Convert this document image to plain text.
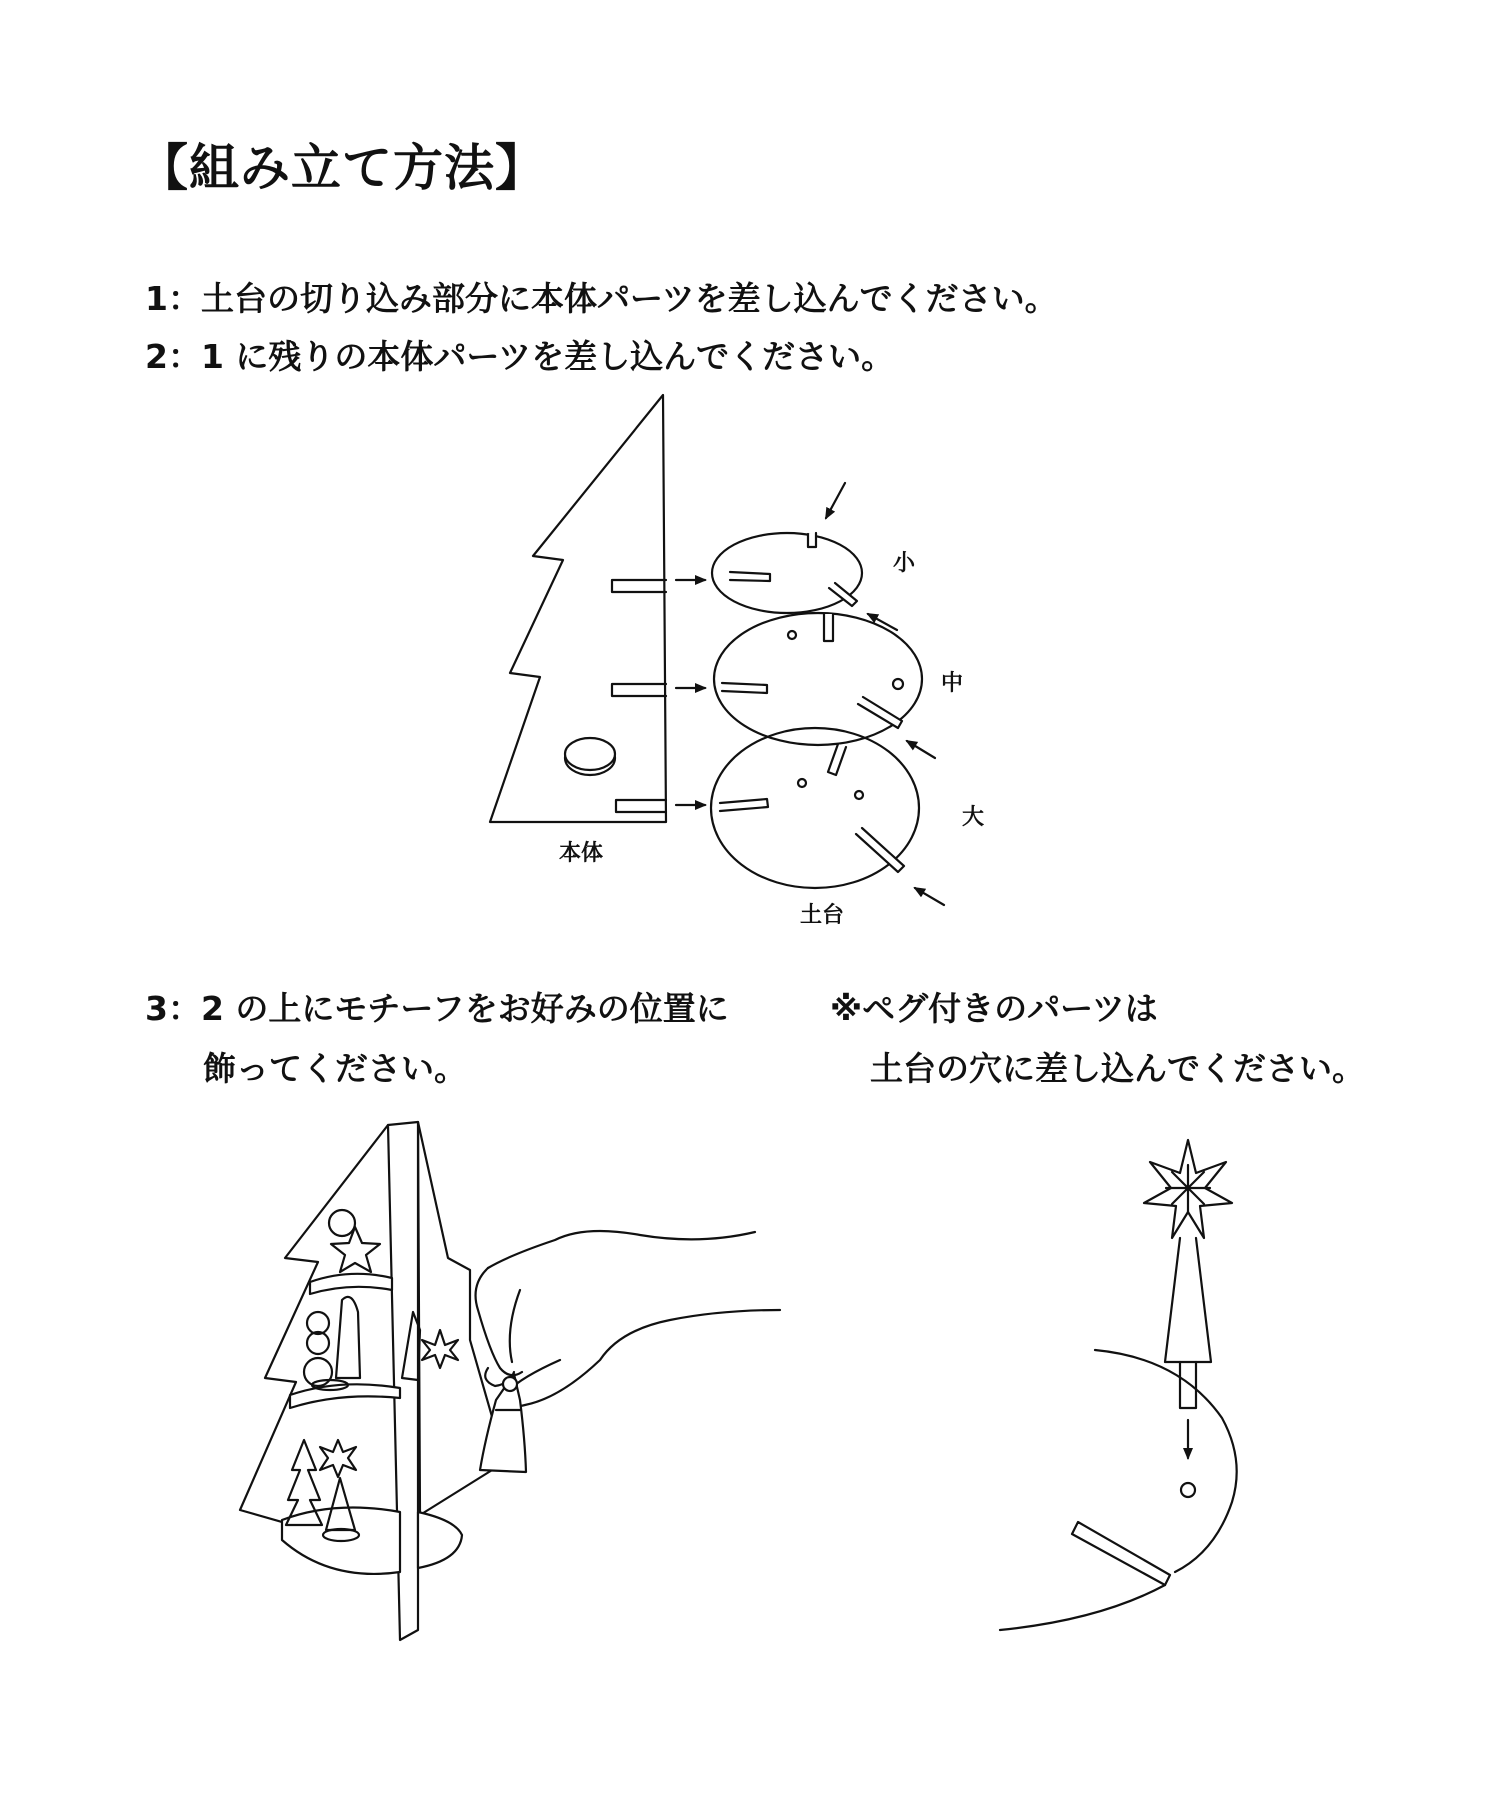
【組み立て方法】
1：土台の切り込み部分に本体パーツを差し込んでください。
2：1 に残りの本体パーツを差し込んでください。
小
中
大
本体
土台
3：2 の上にモチーフをお好みの位置に
飾ってください。
※ペグ付きのパーツは
土台の穴に差し込んでください。
